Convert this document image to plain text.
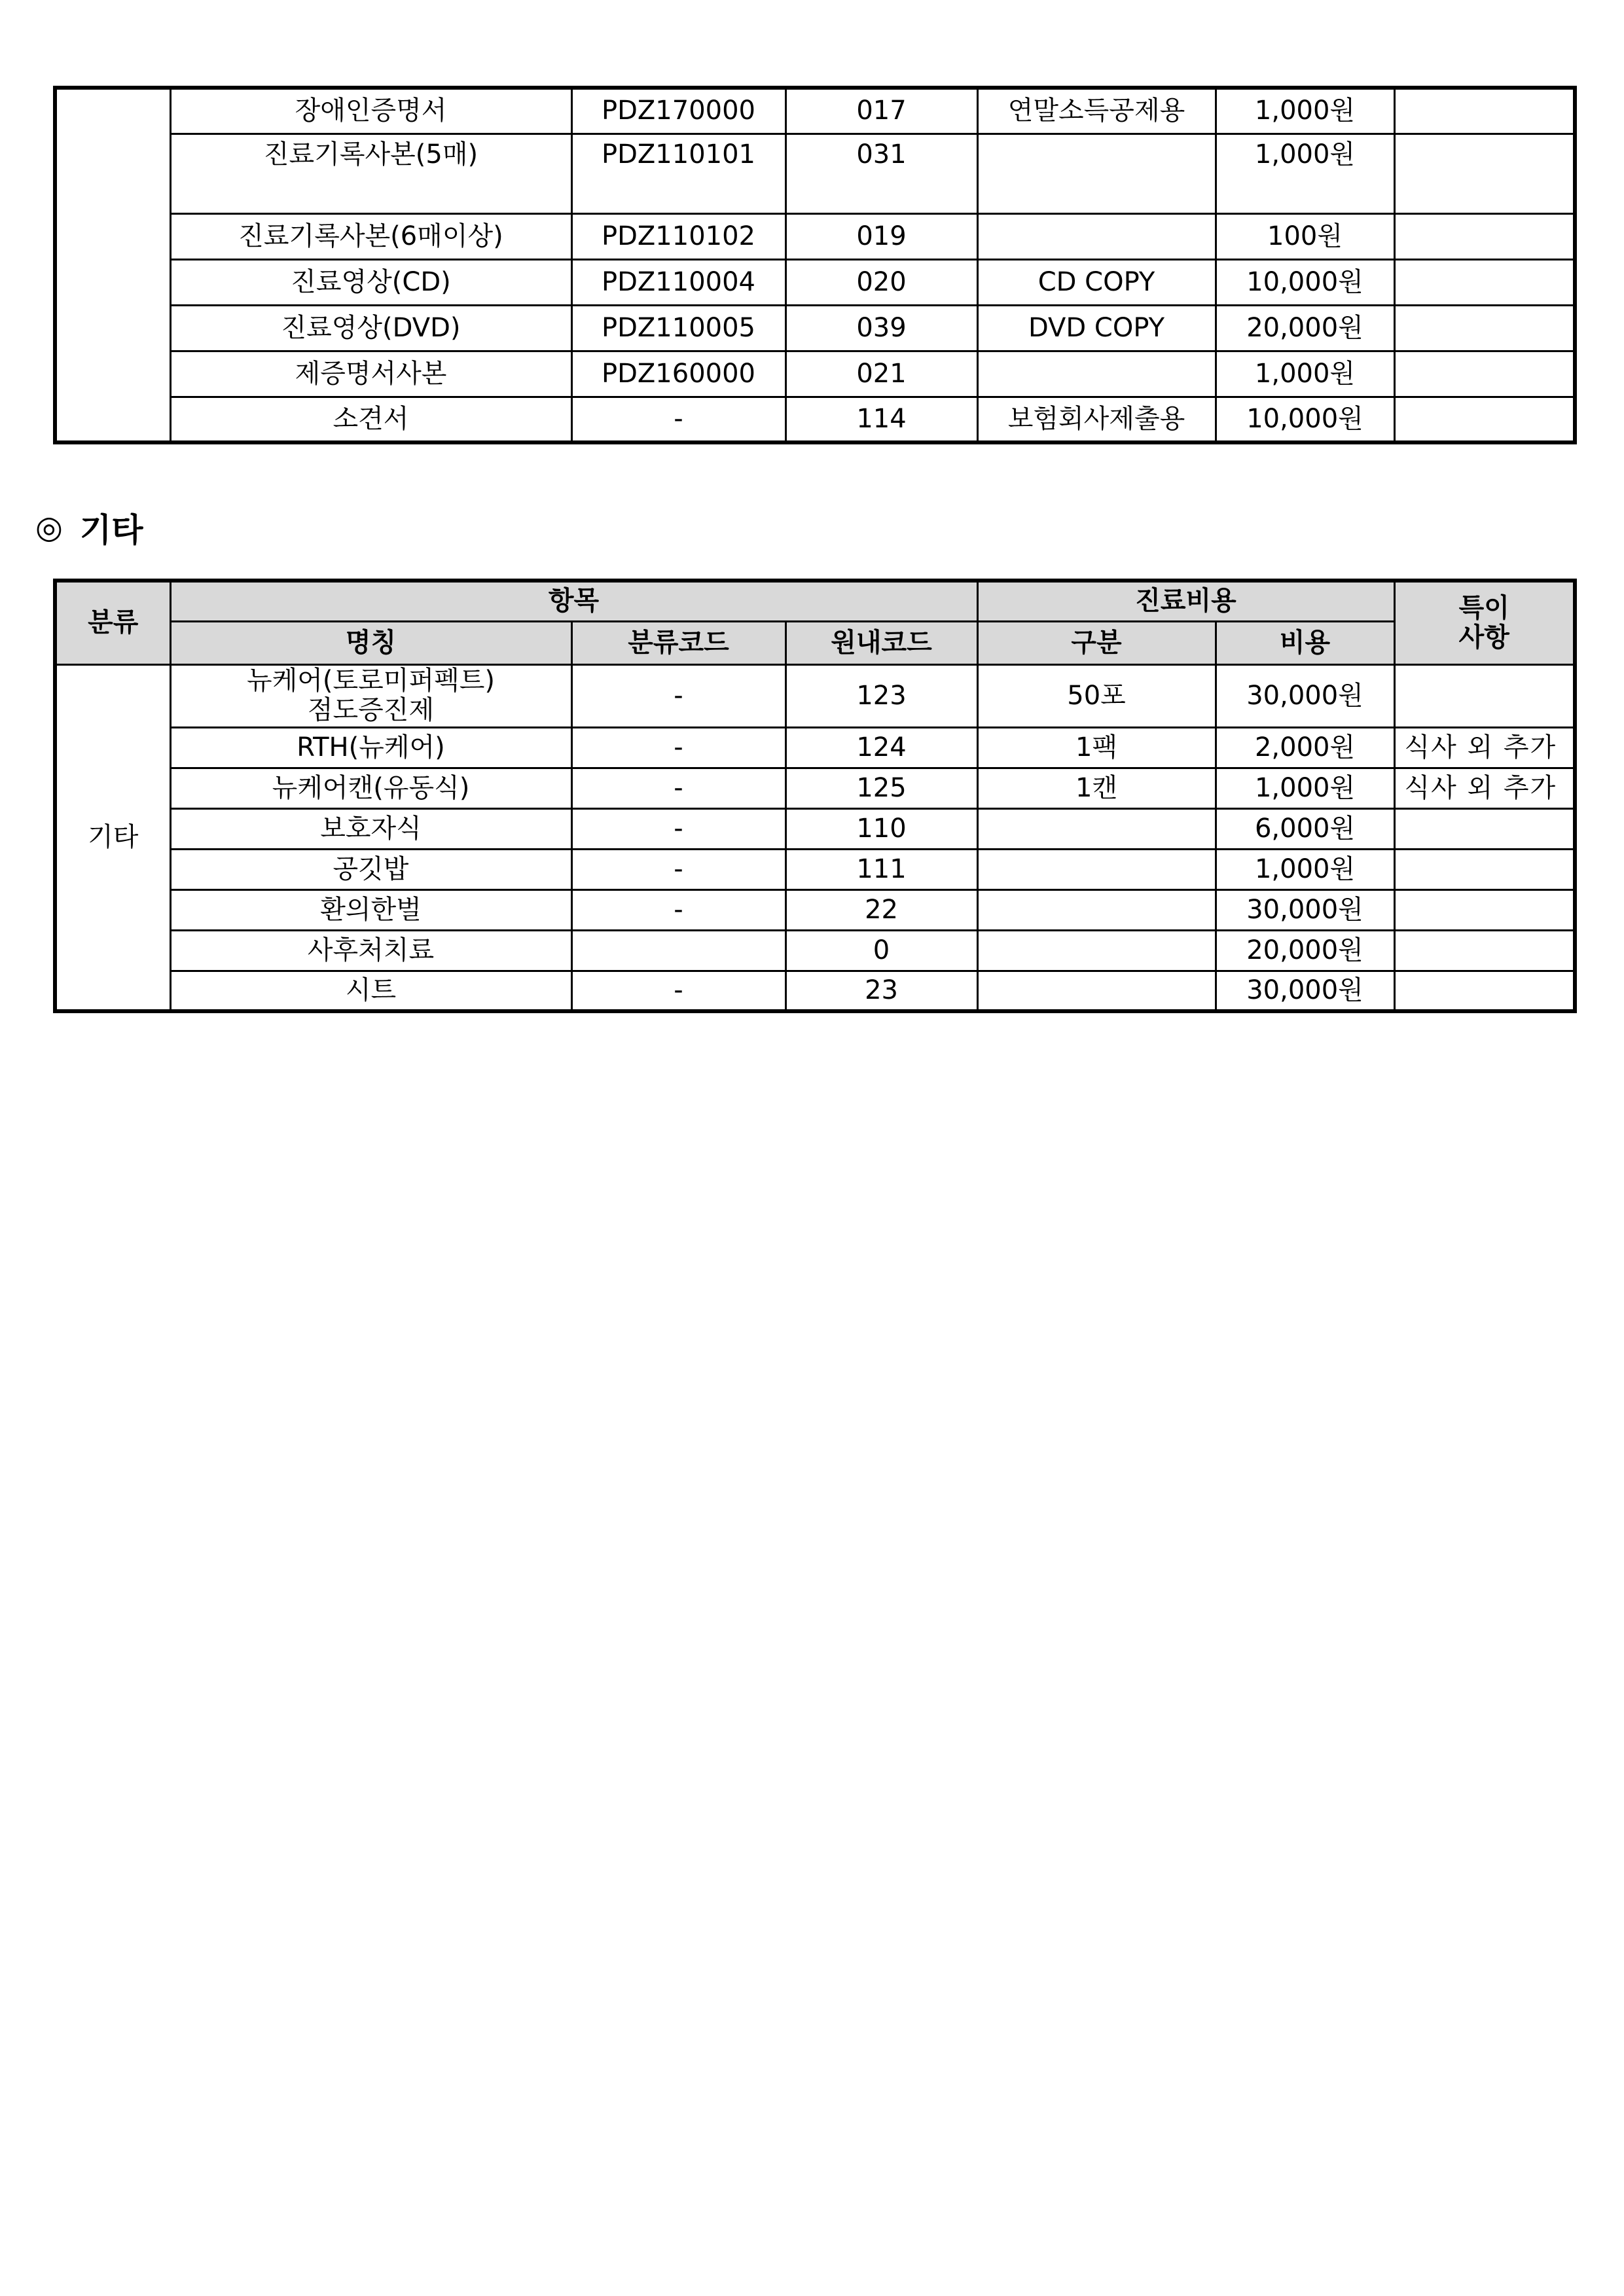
	장애인증명서	PDZ170000	017	연말소득공제용	1,000원	
	진료기록사본(5매)	PDZ110101	031		1,000원	
	진료기록사본(6매이상)	PDZ110102	019		100원	
	진료영상(CD)	PDZ110004	020	CD COPY	10,000원	
	진료영상(DVD)	PDZ110005	039	DVD COPY	20,000원	
	제증명서사본	PDZ160000	021		1,000원	
	소견서	-	114	보험회사제출용	10,000원	
◎ 기타
분류	항목			진료비용		특이
사항

	명칭	분류코드	원내코드	구분	비용	
기타	뉴케어(토로미퍼펙트)
점도증진제	-	123	50포	30,000원	
	RTH(뉴케어)	-	124	1팩	2,000원	식사 외 추가
	뉴케어캔(유동식)	-	125	1캔	1,000원	식사 외 추가
	보호자식	-	110		6,000원	
	공깃밥	-	111		1,000원	
	환의한벌	-	22		30,000원	
	사후처치료		0		20,000원	
	시트	-	23		30,000원	
